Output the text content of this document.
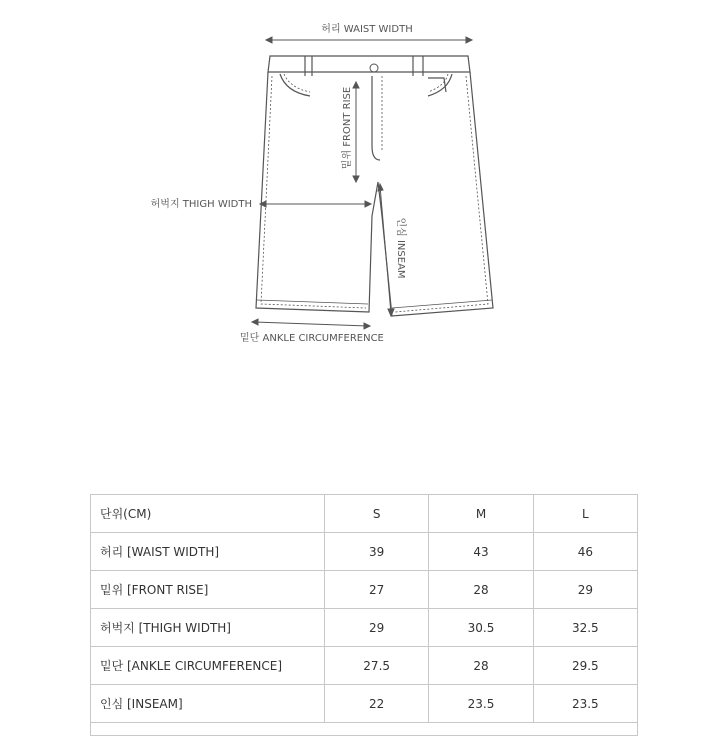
허리 WAIST WIDTH
밑위 FRONT RISE
허벅지 THIGH WIDTH
인심 INSEAM
밑단 ANKLE CIRCUMFERENCE
단위(CM)	S	M	L
허리 [WAIST WIDTH]	39	43	46
밑위 [FRONT RISE]	27	28	29
허벅지 [THIGH WIDTH]	29	30.5	32.5
밑단 [ANKLE CIRCUMFERENCE]	27.5	28	29.5
인심 [INSEAM]	22	23.5	23.5
